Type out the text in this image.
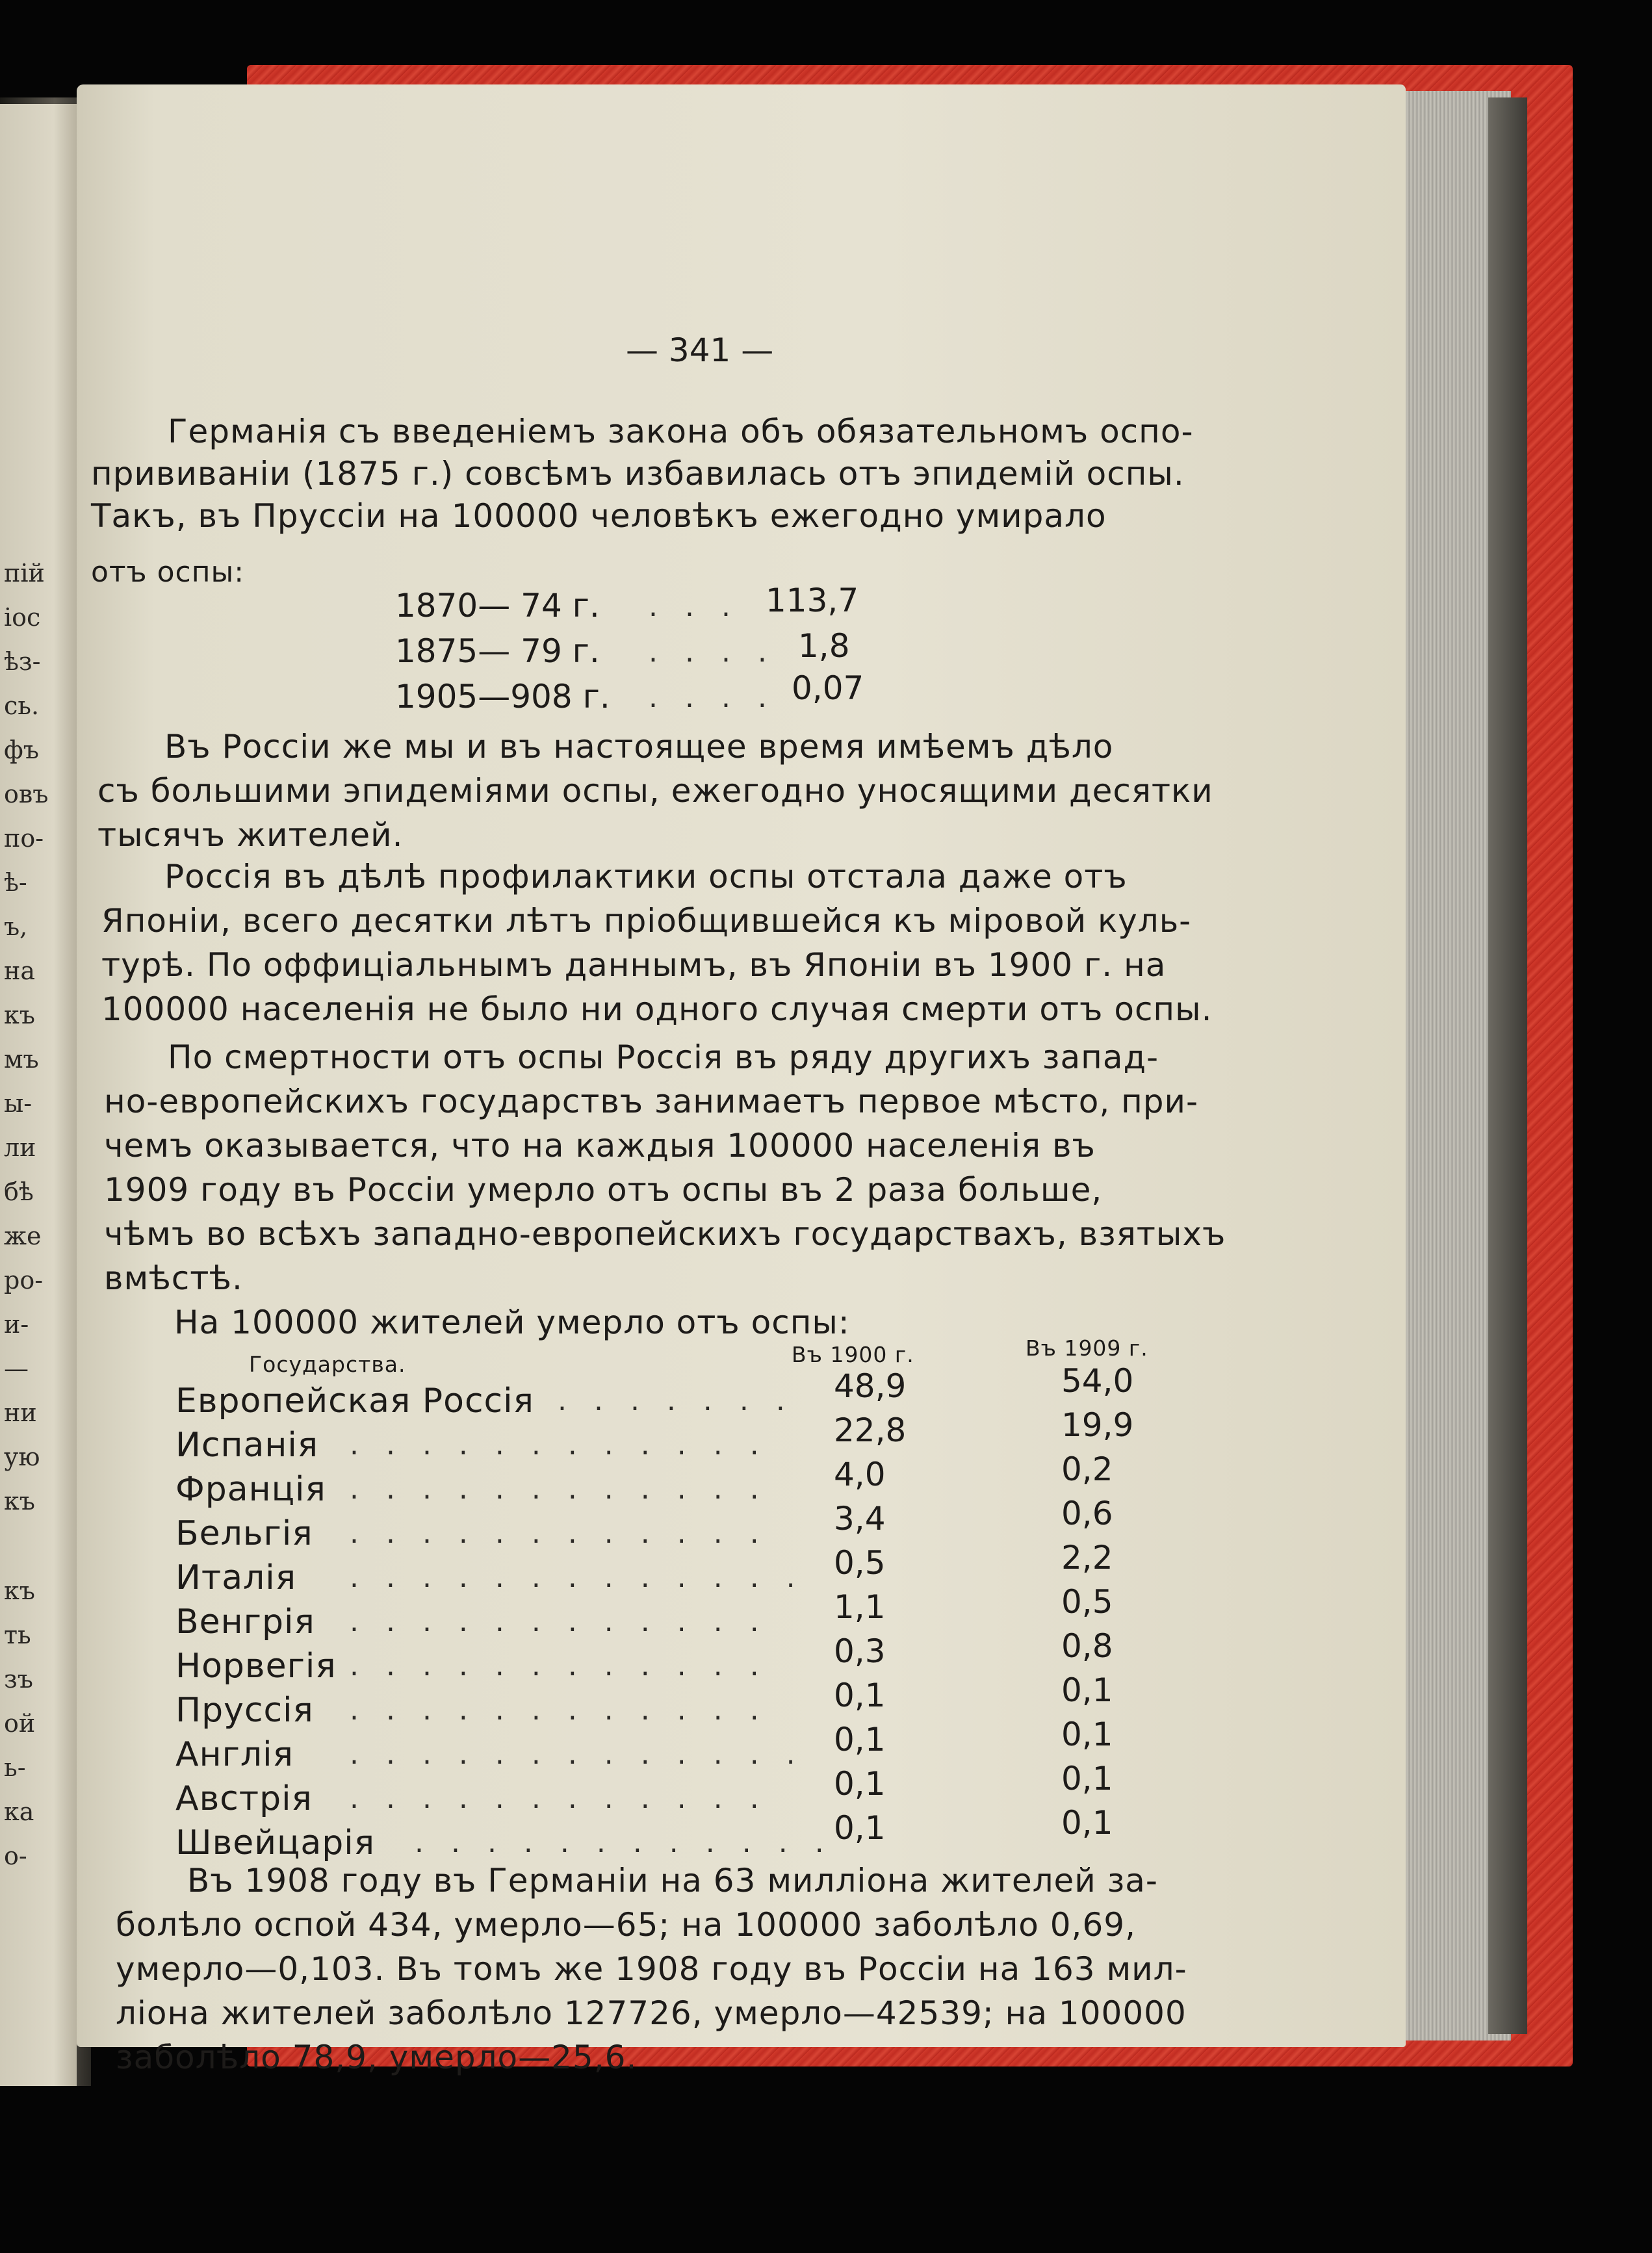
пій
іос
ѣз-
сь.
фъ
овъ
по-
ѣ-
ъ,
на
къ
мъ
ы-
ли
бѣ
же
ро-
и-
—
ни
ую
къ
къ
ть
зъ
ой
ь-
ка
о-
— 341 —
Германія съ введеніемъ закона объ обязательномъ оспо-
прививаніи (1875 г.) совсѣмъ избавилась отъ эпидемій оспы.
Такъ, въ Пруссіи на 100000 человѣкъ ежегодно умирало
отъ оспы:
1870— 74 г. . . . 113,7
1875— 79 г. . . . . 1,8
1905—908 г. . . . . 0,07
Въ Россіи же мы и въ настоящее время имѣемъ дѣло
съ большими эпидеміями оспы, ежегодно уносящими десятки
тысячъ жителей.
Россія въ дѣлѣ профилактики оспы отстала даже отъ
Японіи, всего десятки лѣтъ пріобщившейся къ міровой куль-
турѣ. По оффиціальнымъ даннымъ, въ Японіи въ 1900 г. на
100000 населенія не было ни одного случая смерти отъ оспы.
По смертности отъ оспы Россія въ ряду другихъ запад-
но-европейскихъ государствъ занимаетъ первое мѣсто, при-
чемъ оказывается, что на каждыя 100000 населенія въ
1909 году въ Россіи умерло отъ оспы въ 2 раза больше,
чѣмъ во всѣхъ западно-европейскихъ государствахъ, взятыхъ
вмѣстѣ.
На 100000 жителей умерло отъ оспы:
Государства.	Въ 1900 г.	Въ 1909 г.
Европейская Россія . . . . . . . 48,9	54,0
Испанія . . . . . . . . . . . . 22,8	19,9
Франція . . . . . . . . . . . . 4,0	0,2
Бельгія . . . . . . . . . . . . 3,4	0,6
Италія . . . . . . . . . . . . . 0,5	2,2
Венгрія . . . . . . . . . . . . 1,1	0,5
Норвегія . . . . . . . . . . . . 0,3	0,8
Пруссія . . . . . . . . . . . . 0,1	0,1
Англія . . . . . . . . . . . . . 0,1	0,1
Австрія . . . . . . . . . . . . 0,1	0,1
Швейцарія . . . . . . . . . . . . 0,1	0,1
Въ 1908 году въ Германіи на 63 милліона жителей за-
болѣло оспой 434, умерло—65; на 100000 заболѣло 0,69,
умерло—0,103. Въ томъ же 1908 году въ Россіи на 163 мил-
ліона жителей заболѣло 127726, умерло—42539; на 100000
заболѣло 78,9, умерло—25,6.
